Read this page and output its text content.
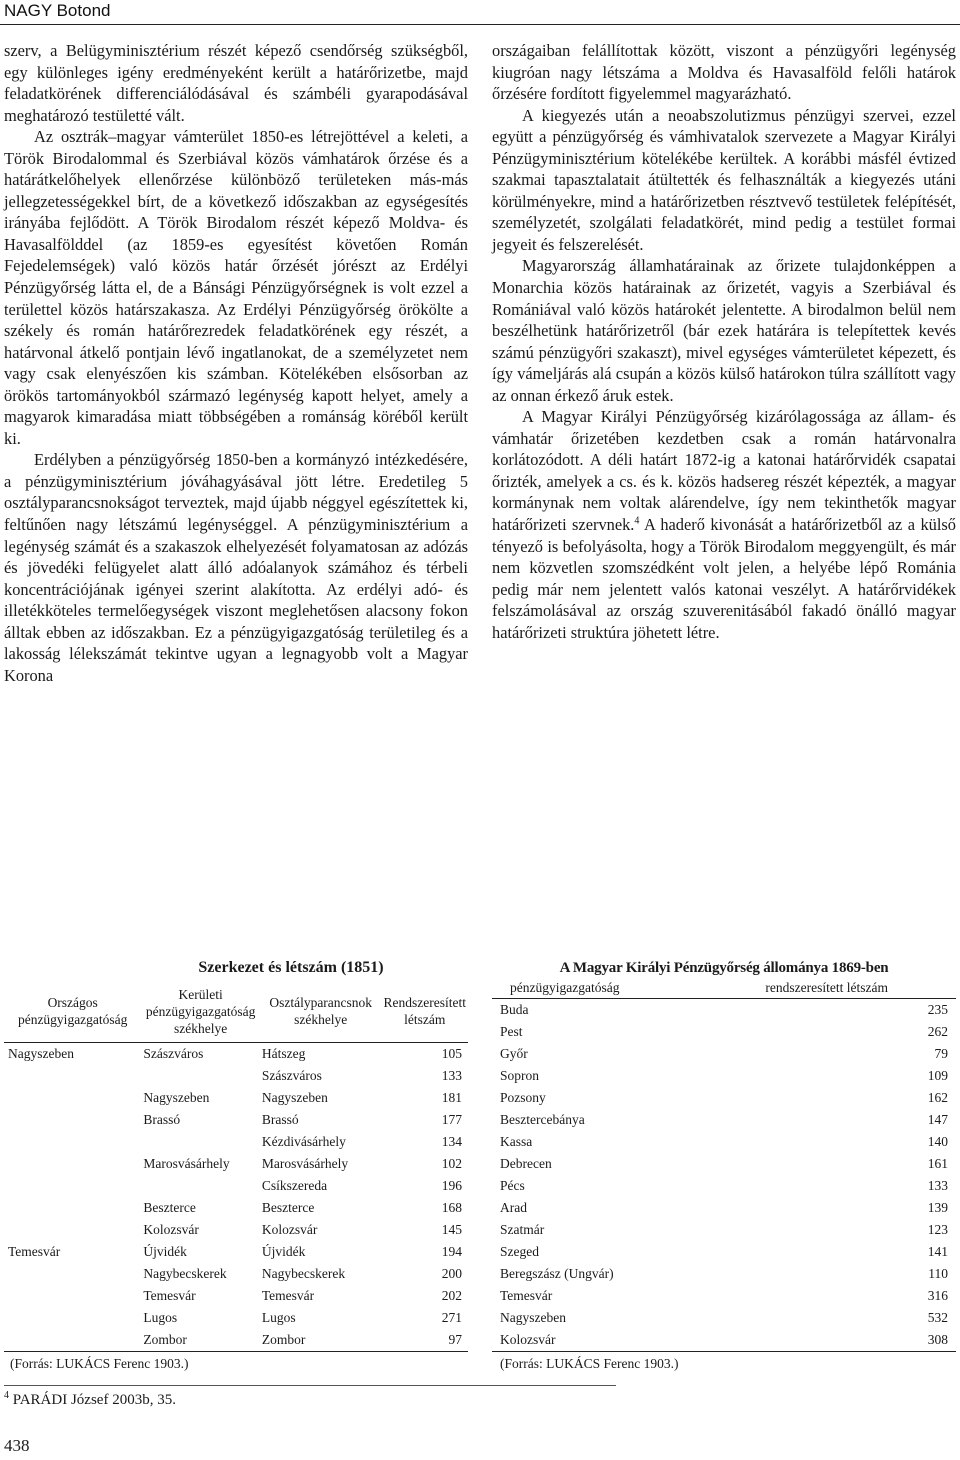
NAGY Botond

szerv, a Belügyminisztérium részét képező csendőrség szükségből, egy különleges igény eredményeként került a határőrizetbe, majd feladatkörének differenciálódásával és számbéli gyarapodásával meghatározó testületté vált.

Az osztrák–magyar vámterület 1850-es létrejöttével a keleti, a Török Birodalommal és Szerbiával közös vámhatárok őrzése és a határátkelőhelyek ellenőrzése különböző területeken más-más jellegzetességekkel bírt, de a következő időszakban az egységesítés irányába fejlődött. A Török Birodalom részét képező Moldva- és Havasalfölddel (az 1859-es egyesítést követően Román Fejedelemségek) való közös határ őrzését jórészt az Erdélyi Pénzügyőrség látta el, de a Bánsági Pénzügyőrségnek is volt ezzel a területtel közös határszakasza. Az Erdélyi Pénzügyőrség örökölte a székely és román határőrezredek feladatkörének egy részét, a határvonal átkelő pontjain lévő ingatlanokat, de a személyzetet nem vagy csak elenyészően kis számban. Kötelékében elsősorban az örökös tartományokból származó legénység kapott helyet, amely a magyarok kimaradása miatt többségében a románság köréből került ki.

Erdélyben a pénzügyőrség 1850-ben a kormányzó intézkedésére, a pénzügyminisztérium jóváhagyásával jött létre. Eredetileg 5 osztályparancsnokságot terveztek, majd újabb néggyel egészítettek ki, feltűnően nagy létszámú legénységgel. A pénzügyminisztérium a legénység számát és a szakaszok elhelyezését folyamatosan az adózás és jövedéki felügyelet alatt álló adóalanyok számához és térbeli koncentrációjának igényei szerint alakította. Az erdélyi adó- és illetékköteles termelőegységek viszont meglehetősen alacsony fokon álltak ebben az időszakban. Ez a pénzügyigazgatóság területileg és a lakosság lélekszámát tekintve ugyan a legnagyobb volt a Magyar Korona

országaiban felállítottak között, viszont a pénzügyőri legénység kiugróan nagy létszáma a Moldva és Havasalföld felőli határok őrzésére fordított figyelemmel magyarázható.

A kiegyezés után a neoabszolutizmus pénzügyi szervei, ezzel együtt a pénzügyőrség és vámhivatalok szervezete a Magyar Királyi Pénzügyminisztérium kötelékébe kerültek. A korábbi másfél évtized szakmai tapasztalatait átültették és felhasználták a kiegyezés utáni körülményekre, mind a határőrizetben résztvevő testületek felépítését, személyzetét, szolgálati feladatkörét, mind pedig a testület formai jegyeit és felszerelését.

Magyarország államhatárainak az őrizete tulajdonképpen a Monarchia közös határainak az őrizetét, vagyis a Szerbiával és Romániával való közös határokét jelentette. A birodalmon belül nem beszélhetünk határőrizetről (bár ezek határára is telepítettek kevés számú pénzügyőri szakaszt), mivel egységes vámterületet képezett, és így vámeljárás alá csupán a közös külső határokon túlra szállított vagy az onnan érkező áruk estek.

A Magyar Királyi Pénzügyőrség kizárólagossága az állam- és vámhatár őrizetében kezdetben csak a román határvonalra korlátozódott. A déli határt 1872-ig a katonai határőrvidék csapatai őrizték, amelyek a cs. és k. közös hadsereg részét képezték, a magyar kormánynak nem voltak alárendelve, így nem tekinthetők magyar határőrizeti szervnek.$^4$ A haderő kivonását a határőrizetből az a külső tényező is befolyásolta, hogy a Török Birodalom meggyengült, és már nem közvetlen szomszédként volt jelen, a helyébe lépő Románia pedig már nem jelentett valós katonai veszélyt. A határőrvidékek felszámolásával az ország szuverenitásából fakadó önálló magyar határőrizeti struktúra jöhetett létre.

Szerkezet és létszám (1851)
Országos pénzügyigazgatóság	Kerületi pénzügyigazgatóság székhelye	Osztályparancsnok székhelye	Rendszeresített létszám
Nagyszeben	Szászváros	Hátszeg	105
		Szászváros	133
	Nagyszeben	Nagyszeben	181
	Brassó	Brassó	177
		Kézdivásárhely	134
	Marosvásárhely	Marosvásárhely	102
		Csíkszereda	196
	Beszterce	Beszterce	168
	Kolozsvár	Kolozsvár	145
Temesvár	Újvidék	Újvidék	194
	Nagybecskerek	Nagybecskerek	200
	Temesvár	Temesvár	202
	Lugos	Lugos	271
	Zombor	Zombor	97
(Forrás: LUKÁCS Ferenc 1903.)
A Magyar Királyi Pénzügyőrség állománya 1869-ben
pénzügyigazgatóság	rendszeresített létszám
Buda	235
Pest	262
Győr	79
Sopron	109
Pozsony	162
Besztercebánya	147
Kassa	140
Debrecen	161
Pécs	133
Arad	139
Szatmár	123
Szeged	141
Beregszász (Ungvár)	110
Temesvár	316
Nagyszeben	532
Kolozsvár	308
(Forrás: LUKÁCS Ferenc 1903.)
$^4$ PARÁDI József 2003b, 35.
438
